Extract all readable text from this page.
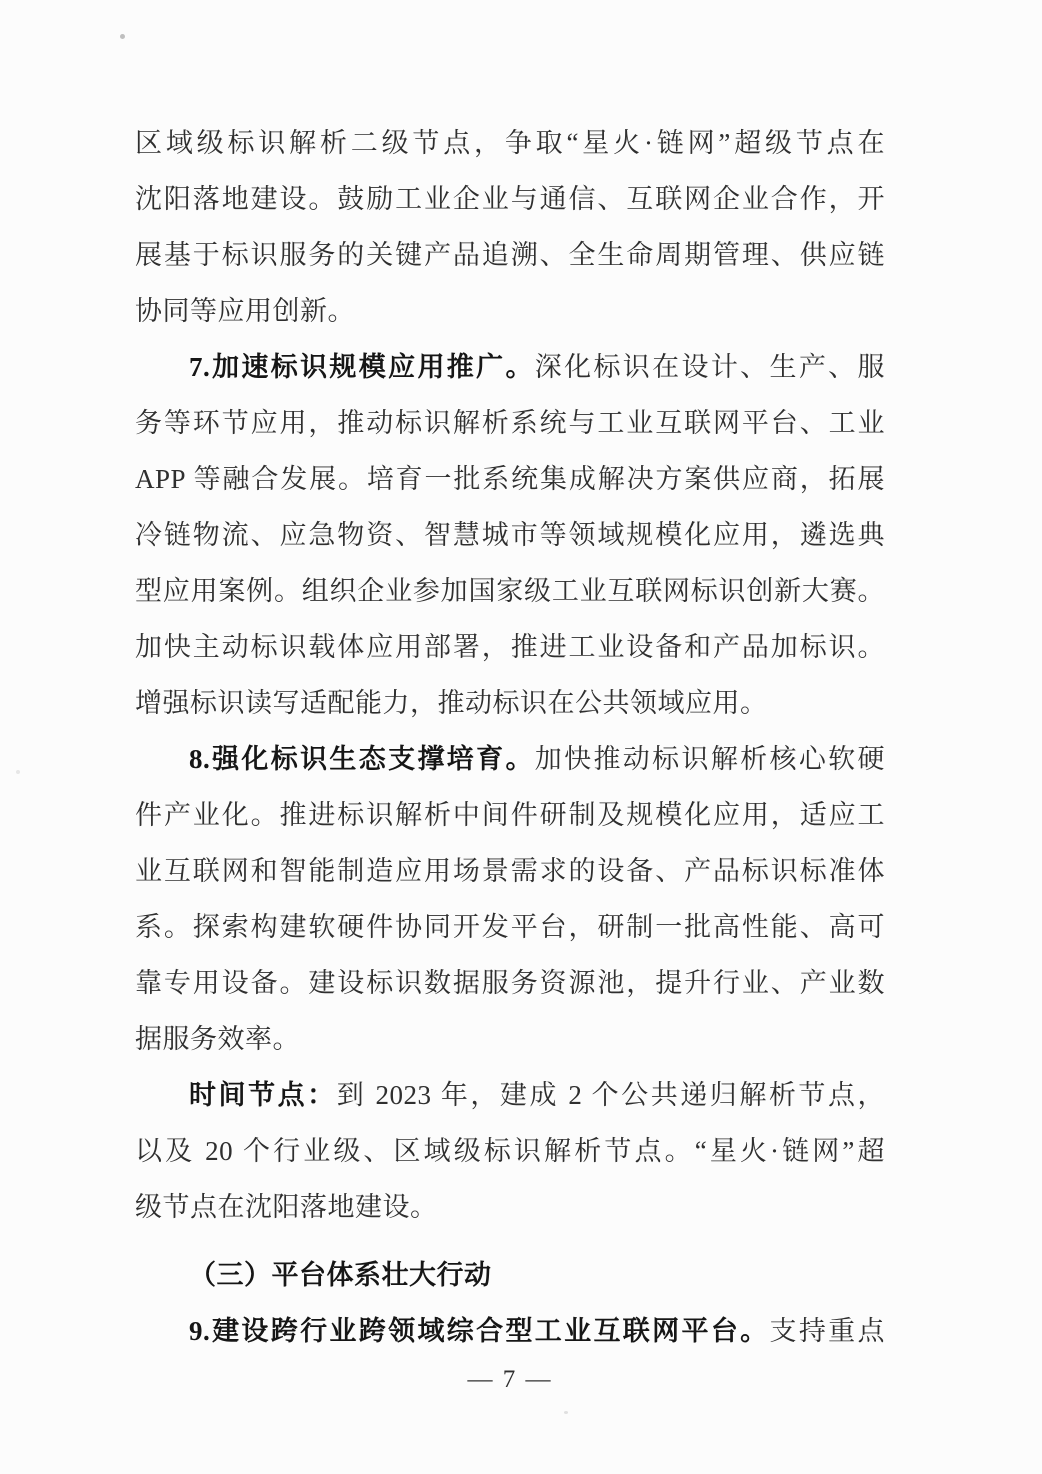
区域级标识解析二级节点，争取“星火·链网”超级节点在
沈阳落地建设。鼓励工业企业与通信、互联网企业合作，开
展基于标识服务的关键产品追溯、全生命周期管理、供应链
协同等应用创新。
7.加速标识规模应用推广。深化标识在设计、生产、服
务等环节应用，推动标识解析系统与工业互联网平台、工业
APP 等融合发展。培育一批系统集成解决方案供应商，拓展
冷链物流、应急物资、智慧城市等领域规模化应用，遴选典
型应用案例。组织企业参加国家级工业互联网标识创新大赛。
加快主动标识载体应用部署，推进工业设备和产品加标识。
增强标识读写适配能力，推动标识在公共领域应用。
8.强化标识生态支撑培育。加快推动标识解析核心软硬
件产业化。推进标识解析中间件研制及规模化应用，适应工
业互联网和智能制造应用场景需求的设备、产品标识标准体
系。探索构建软硬件协同开发平台，研制一批高性能、高可
靠专用设备。建设标识数据服务资源池，提升行业、产业数
据服务效率。
时间节点：到 2023 年，建成 2 个公共递归解析节点，
以及 20 个行业级、区域级标识解析节点。“星火·链网”超
级节点在沈阳落地建设。
（三）平台体系壮大行动
9.建设跨行业跨领域综合型工业互联网平台。支持重点
— 7 —
